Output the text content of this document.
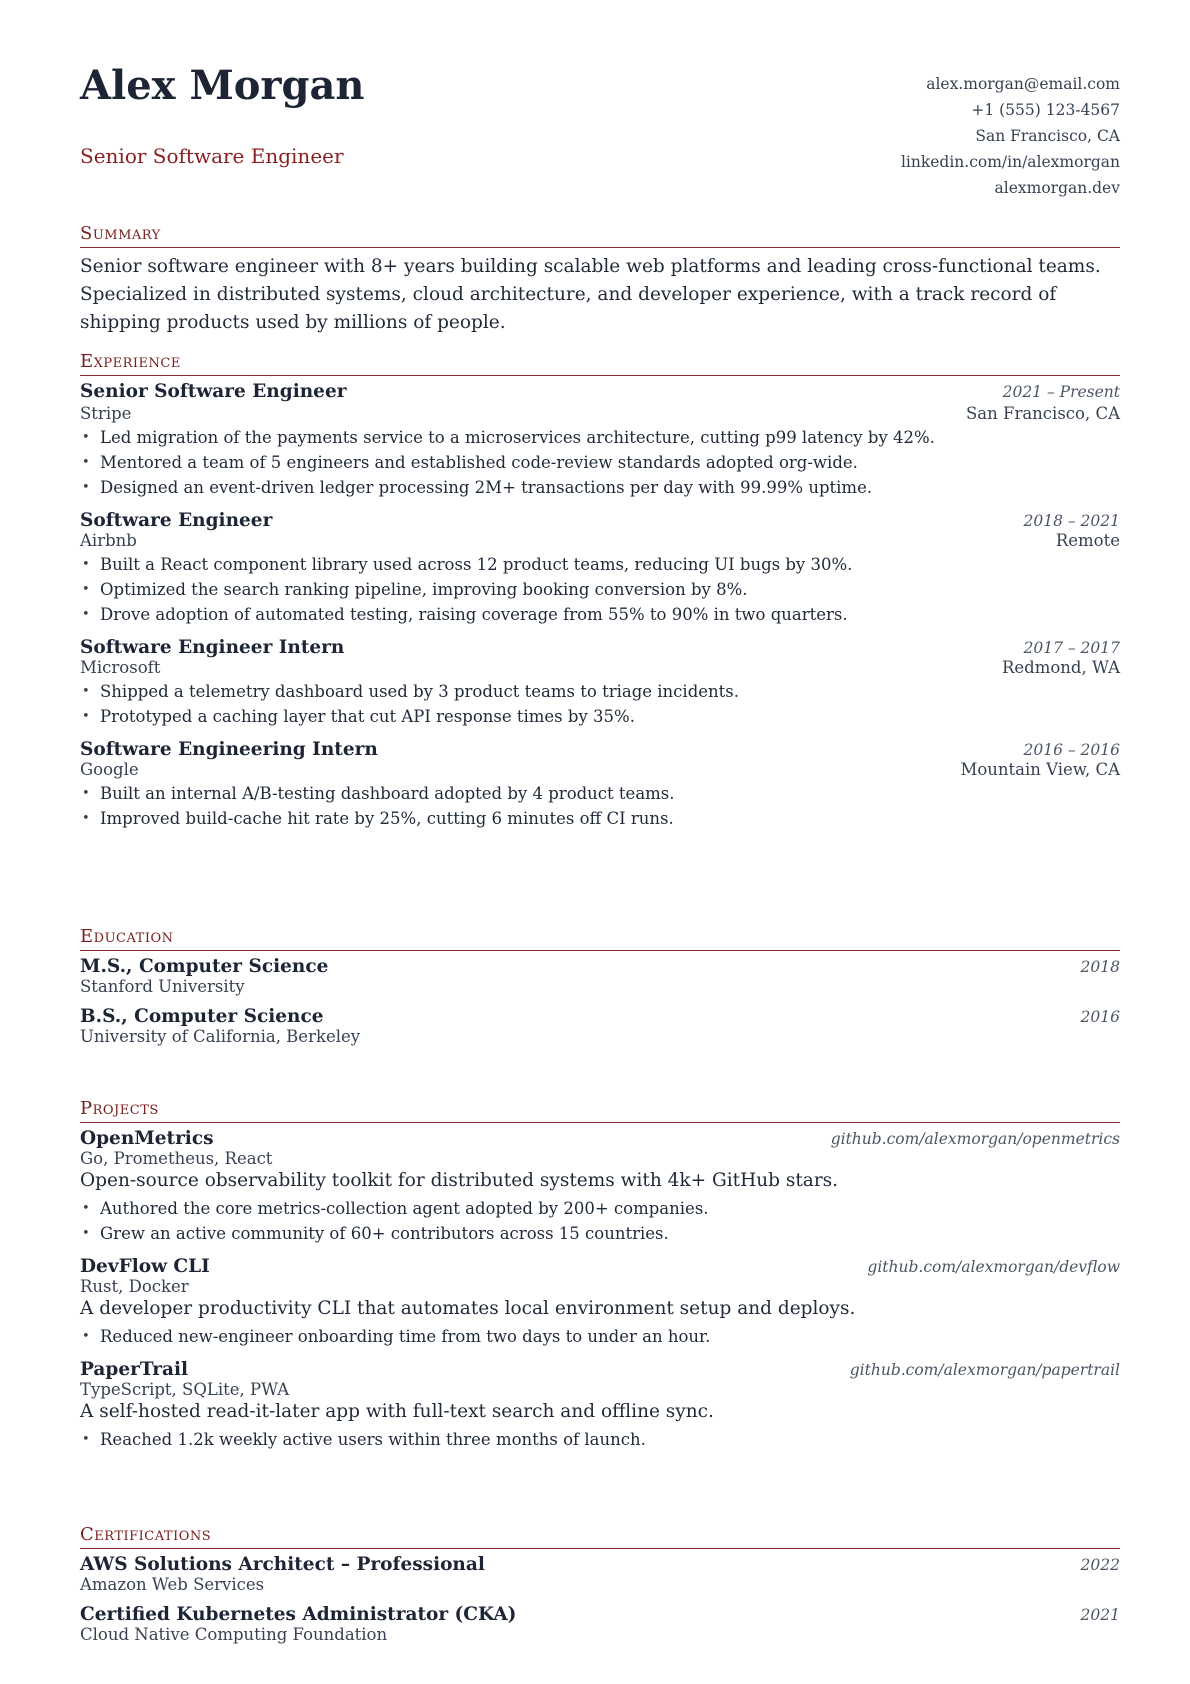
Alex Morgan
Senior Software Engineer
alex.morgan@email.com
+1 (555) 123-4567
San Francisco, CA
linkedin.com/in/alexmorgan
alexmorgan.dev
Summary
Senior software engineer with 8+ years building scalable web platforms and leading cross-functional teams. Specialized in distributed systems, cloud architecture, and developer experience, with a track record of shipping products used by millions of people.
Experience
Senior Software Engineer	2021 – Present
Stripe	San Francisco, CA
• Led migration of the payments service to a microservices architecture, cutting p99 latency by 42%.
• Mentored a team of 5 engineers and established code-review standards adopted org-wide.
• Designed an event-driven ledger processing 2M+ transactions per day with 99.99% uptime.
Software Engineer	2018 – 2021
Airbnb	Remote
• Built a React component library used across 12 product teams, reducing UI bugs by 30%.
• Optimized the search ranking pipeline, improving booking conversion by 8%.
• Drove adoption of automated testing, raising coverage from 55% to 90% in two quarters.
Software Engineer Intern	2017 – 2017
Microsoft	Redmond, WA
• Shipped a telemetry dashboard used by 3 product teams to triage incidents.
• Prototyped a caching layer that cut API response times by 35%.
Software Engineering Intern	2016 – 2016
Google	Mountain View, CA
• Built an internal A/B-testing dashboard adopted by 4 product teams.
• Improved build-cache hit rate by 25%, cutting 6 minutes off CI runs.
Education
M.S., Computer Science	2018
Stanford University
B.S., Computer Science	2016
University of California, Berkeley
Projects
OpenMetrics	github.com/alexmorgan/openmetrics
Go, Prometheus, React
Open-source observability toolkit for distributed systems with 4k+ GitHub stars.
• Authored the core metrics-collection agent adopted by 200+ companies.
• Grew an active community of 60+ contributors across 15 countries.
DevFlow CLI	github.com/alexmorgan/devflow
Rust, Docker
A developer productivity CLI that automates local environment setup and deploys.
• Reduced new-engineer onboarding time from two days to under an hour.
PaperTrail	github.com/alexmorgan/papertrail
TypeScript, SQLite, PWA
A self-hosted read-it-later app with full-text search and offline sync.
• Reached 1.2k weekly active users within three months of launch.
Certifications
AWS Solutions Architect – Professional	2022
Amazon Web Services
Certified Kubernetes Administrator (CKA)	2021
Cloud Native Computing Foundation
